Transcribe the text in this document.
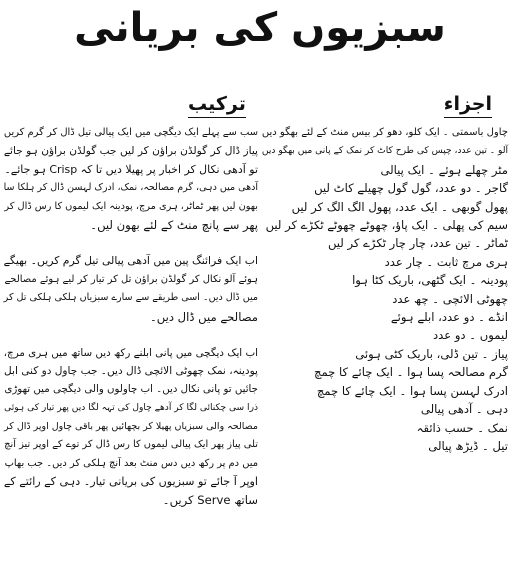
سبزیوں کی بریانی
ترکیب	اجزاء

سب سے پہلے ایک دیگچی میں ایک پیالی تیل ڈال کر گرم کریں
پیاز ڈال کر گولڈن براؤن کر لیں جب گولڈن براؤن ہو جائے
تو آدھی نکال کر اخبار پر پھیلا دیں تا کہ Crisp ہو جائے۔
آدھی میں دہی، گرم مصالحہ، نمک، ادرک لہسن ڈال کر ہلکا سا
بھون لیں پھر ٹماٹر، ہری مرچ، پودینہ ایک لیموں کا رس ڈال کر
پھر سے پانچ منٹ کے لئے بھون لیں۔

اب ایک فرائنگ پین میں آدھی پیالی تیل گرم کریں۔ بھیگے
ہوئے آلو نکال کر گولڈن براؤن تل کر تیار کر لیے ہوئے مصالحے
میں ڈال دیں۔ اسی طریقے سے سارے سبزیاں ہلکی ہلکی تل کر
مصالحے میں ڈال دیں۔

اب ایک دیگچی میں پانی ابلنے رکھ دیں ساتھ میں ہری مرچ،
پودینہ، نمک چھوٹی الائچی ڈال دیں۔ جب چاول دو کنی ابل
جائیں تو پانی نکال دیں۔ اب چاولوں والی دیگچی میں تھوڑی
ذرا سی چکنائی لگا کر آدھے چاول کی تہہ لگا دیں پھر تیار کی ہوئی
مصالحہ والی سبزیاں پھیلا کر بچھائیں پھر باقی چاول اوپر ڈال کر
تلی پیاز پھر ایک پیالی لیموں کا رس ڈال کر توے کے اوپر تیز آنچ
میں دم پر رکھ دیں دس منٹ بعد آنچ ہلکی کر دیں۔ جب بھاپ
اوپر آ جائے تو سبزیوں کی بریانی تیار۔ دہی کے رائتے کے
ساتھ Serve کریں۔

چاول باسمتی ۔ ایک کلو، دھو کر بیس منٹ کے لئے بھگو دیں
آلو ۔ تین عدد، چپس کی طرح کاٹ کر نمک کے پانی میں بھگو دیں
مٹر چھلے ہوئے ۔ ایک پیالی
گاجر ۔ دو عدد، گول گول چھیلے کاٹ لیں
پھول گوبھی ۔ ایک عدد، پھول الگ الگ کر لیں
سیم کی پھلی ۔ ایک پاؤ، چھوٹے چھوٹے ٹکڑے کر لیں
ٹماٹر ۔ تین عدد، چار چار ٹکڑے کر لیں
ہری مرچ ثابت ۔ چار عدد
پودینہ ۔ ایک گٹھی، باریک کٹا ہوا
چھوٹی الائچی ۔ چھ عدد
انڈے ۔ دو عدد، ابلے ہوئے
لیموں ۔ دو عدد
پیاز ۔ تین ڈلی، باریک کٹی ہوئی
گرم مصالحہ پسا ہوا ۔ ایک چائے کا چمچ
ادرک لہسن پسا ہوا ۔ ایک چائے کا چمچ
دہی ۔ آدھی پیالی
نمک ۔ حسب ذائقہ
تیل ۔ ڈیڑھ پیالی
